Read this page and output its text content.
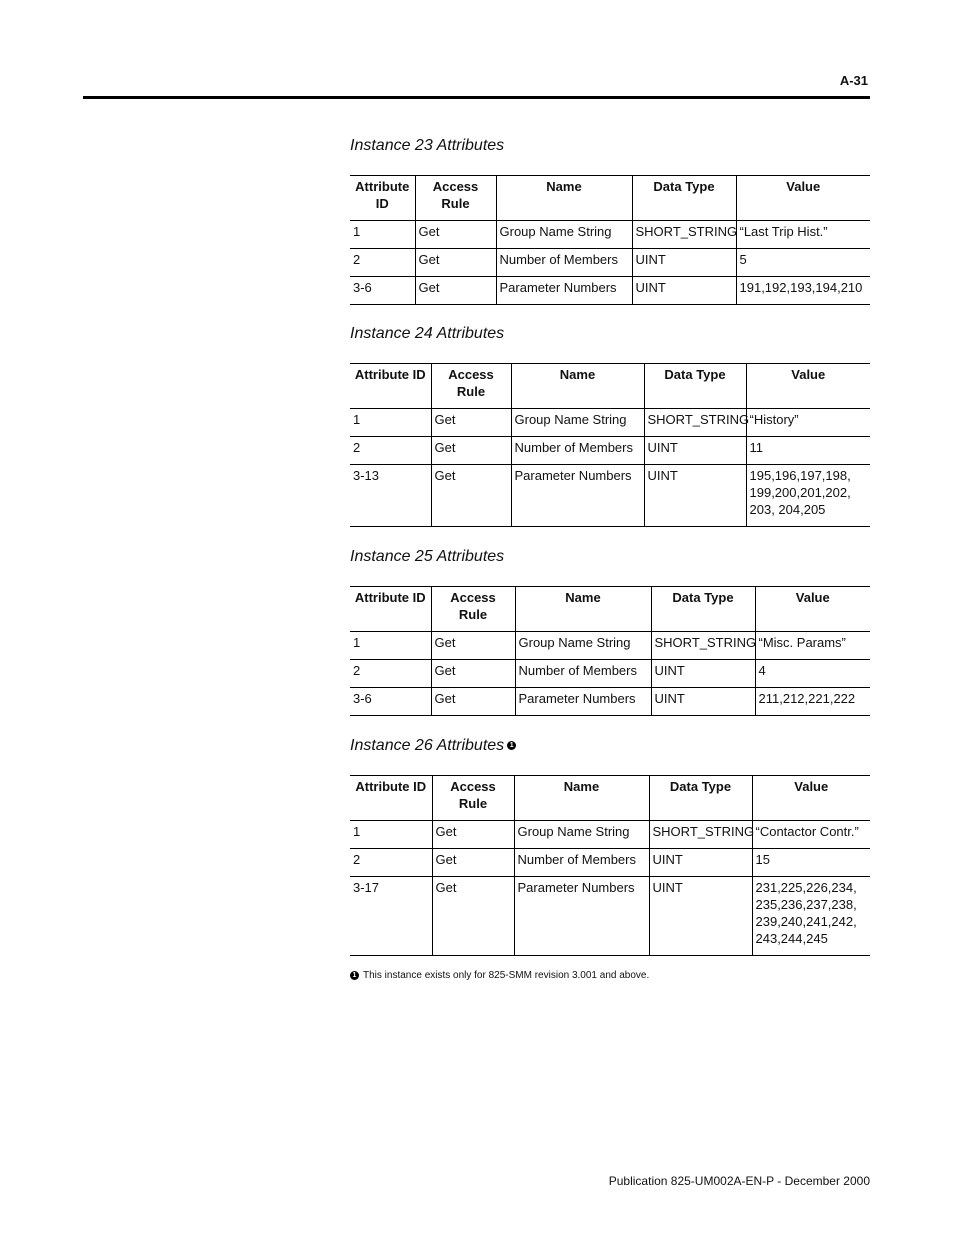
A-31
Instance 23 Attributes
Attribute ID	Access Rule	Name	Data Type	Value
1	Get	Group Name String	SHORT_STRING	“Last Trip Hist.”
2	Get	Number of Members	UINT	5
3-6	Get	Parameter Numbers	UINT	191,192,193,194,210
Instance 24 Attributes
Attribute ID	Access Rule	Name	Data Type	Value
1	Get	Group Name String	SHORT_STRING	“History”
2	Get	Number of Members	UINT	11
3-13	Get	Parameter Numbers	UINT	195,196,197,198, 199,200,201,202, 203, 204,205
Instance 25 Attributes
Attribute ID	Access Rule	Name	Data Type	Value
1	Get	Group Name String	SHORT_STRING	“Misc. Params”
2	Get	Number of Members	UINT	4
3-6	Get	Parameter Numbers	UINT	211,212,221,222
Instance 26 Attributes 1
Attribute ID	Access Rule	Name	Data Type	Value
1	Get	Group Name String	SHORT_STRING	“Contactor Contr.”
2	Get	Number of Members	UINT	15
3-17	Get	Parameter Numbers	UINT	231,225,226,234, 235,236,237,238, 239,240,241,242, 243,244,245
1 This instance exists only for 825-SMM revision 3.001 and above.
Publication 825-UM002A-EN-P - December 2000
